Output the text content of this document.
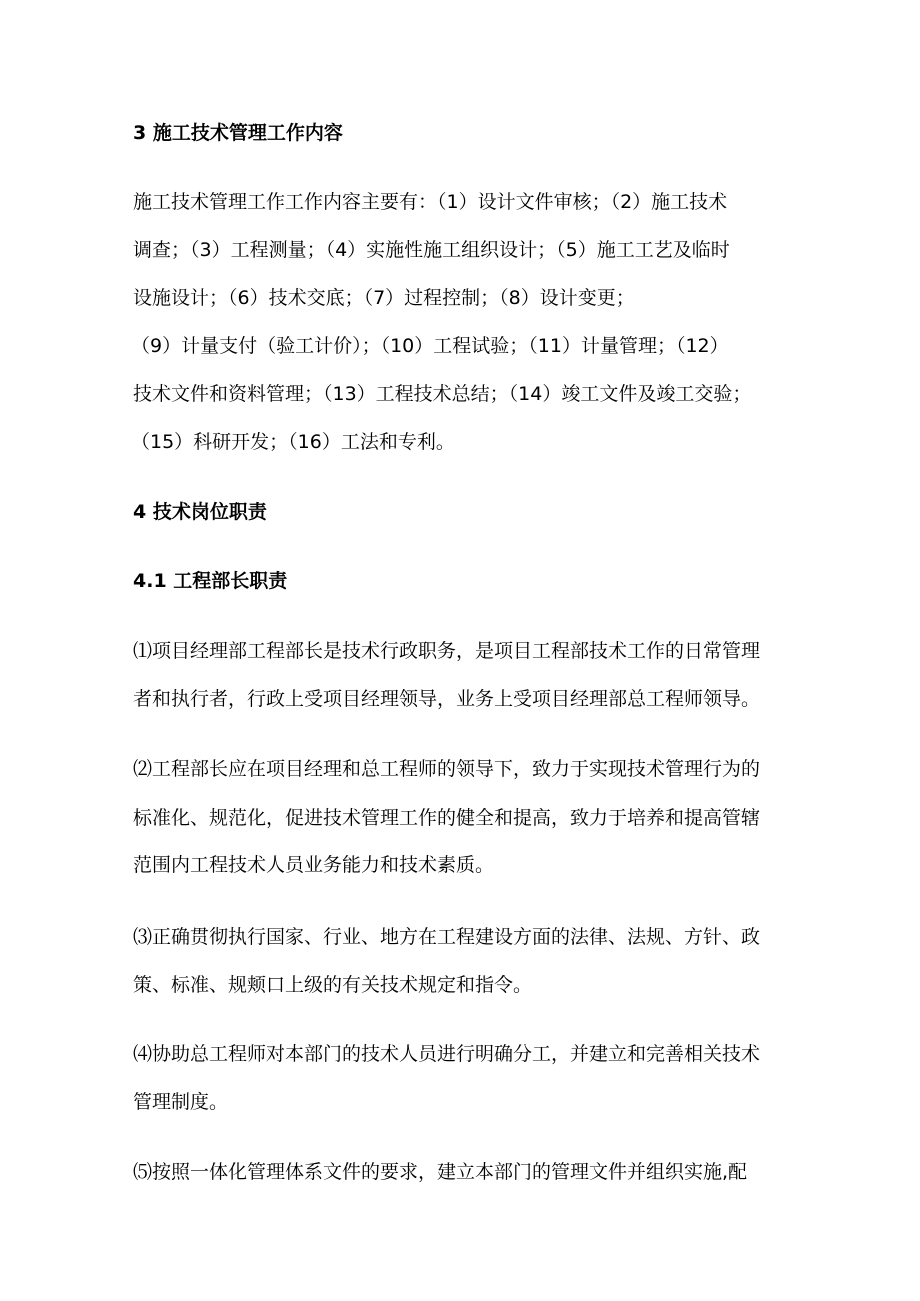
3 施工技术管理工作内容

施工技术管理工作工作内容主要有：（1）设计文件审核；（2）施工技术

调查；（3）工程测量；（4）实施性施工组织设计；（5）施工工艺及临时

设施设计；（6）技术交底；（7）过程控制；（8）设计变更；

（9）计量支付（验工计价）；（10）工程试验；（11）计量管理；（12）

技术文件和资料管理；（13）工程技术总结；（14）竣工文件及竣工交验；

（15）科研开发；（16）工法和专利。

4 技术岗位职责

4.1 工程部长职责

⑴项目经理部工程部长是技术行政职务，是项目工程部技术工作的日常管理

者和执行者，行政上受项目经理领导，业务上受项目经理部总工程师领导。

⑵工程部长应在项目经理和总工程师的领导下，致力于实现技术管理行为的

标准化、规范化，促进技术管理工作的健全和提高，致力于培养和提高管辖

范围内工程技术人员业务能力和技术素质。

⑶正确贯彻执行国家、行业、地方在工程建设方面的法律、法规、方针、政

策、标准、规颊口上级的有关技术规定和指令。

⑷协助总工程师对本部门的技术人员进行明确分工，并建立和完善相关技术

管理制度。

⑸按照一体化管理体系文件的要求，建立本部门的管理文件并组织实施,配
